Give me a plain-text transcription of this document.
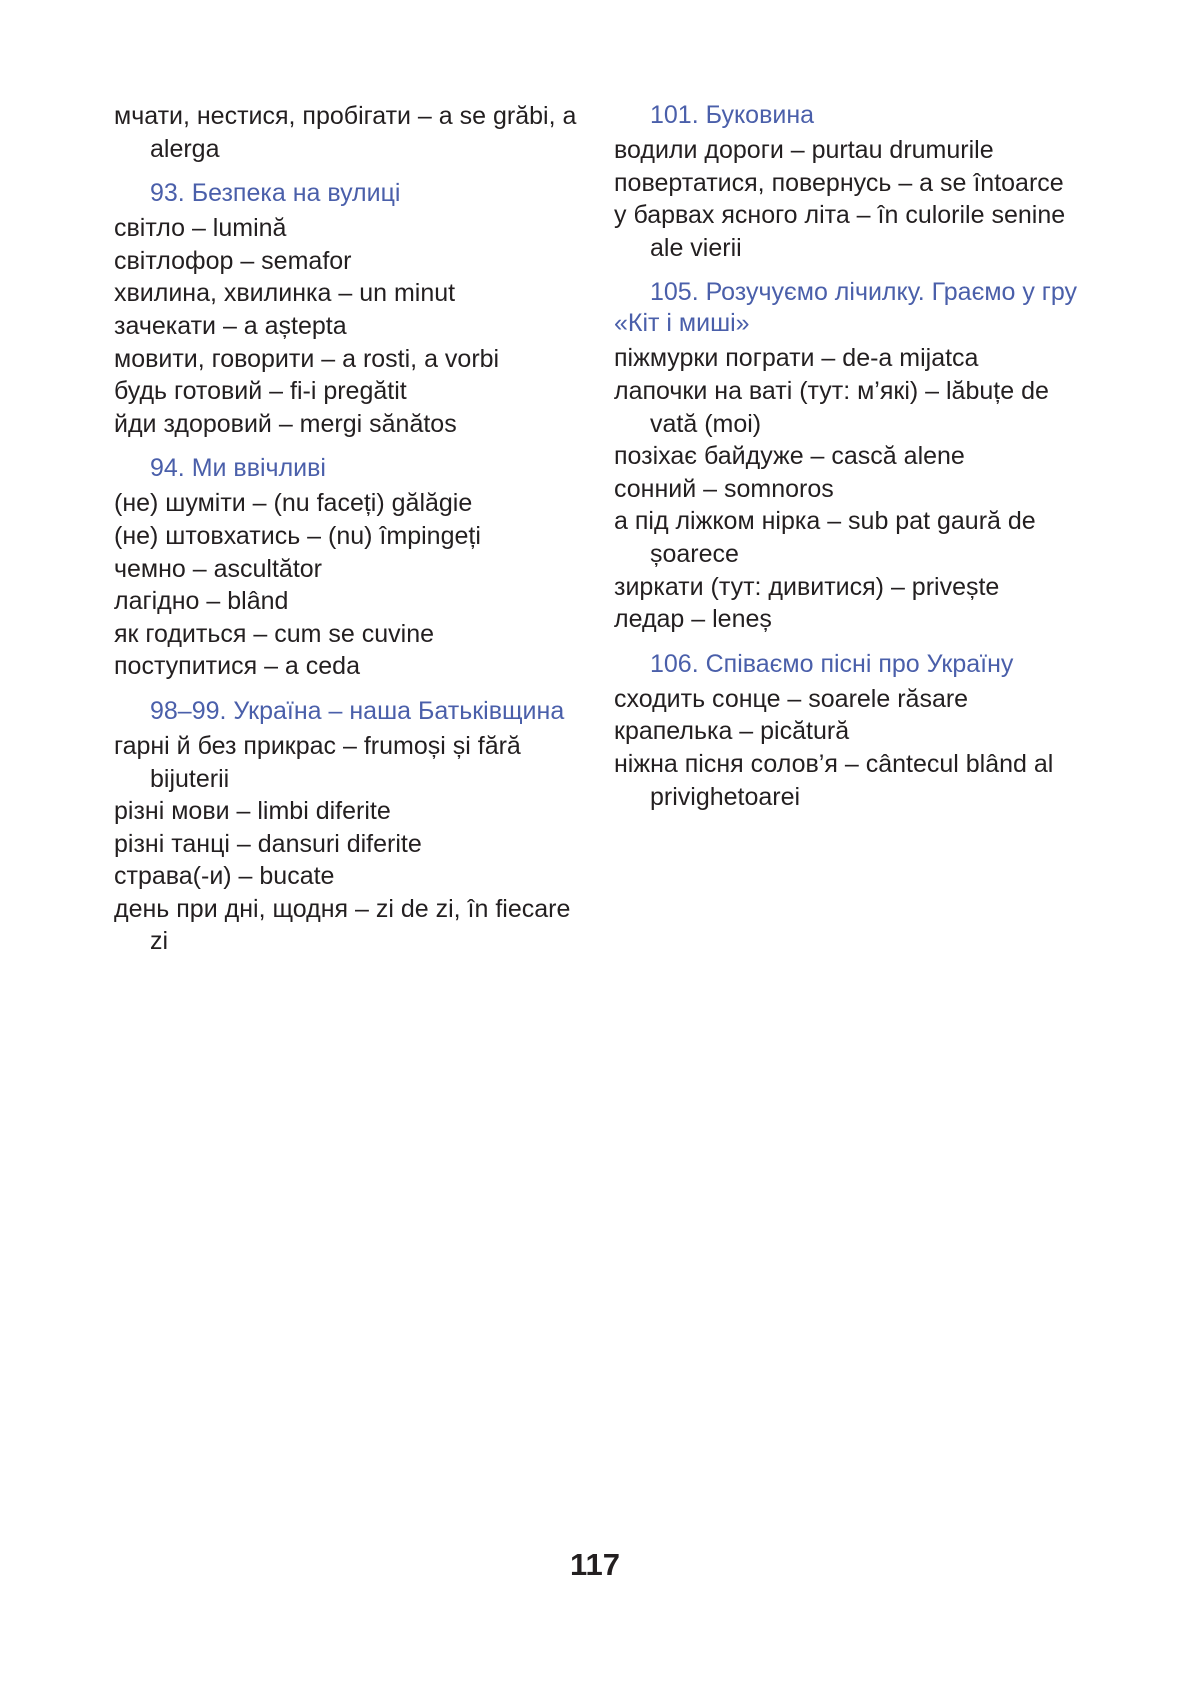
мчати, нестися, пробігати – a se grăbi, a alerga

93. Безпека на вулиці

світло – lumină

світлофор – semafor

хвилина, хвилинка – un minut

зачекати – a aștepta

мовити, говорити – a rosti, a vorbi

будь готовий – fi-i pregătit

йди здоровий – mergi sănătos

94. Ми ввічливі

(не) шуміти – (nu faceți) gălăgie

(не) штовхатись – (nu) împingeți

чемно – ascultător

лагідно – blând

як годиться – cum se cuvine

поступитися – a ceda

98–99. Україна – наша Батьківщина

гарні й без прикрас – frumoși și fără bijuterii

різні мови – limbi diferite

різні танці – dansuri diferite

страва(-и) – bucate

день при дні, щодня – zi de zi, în fiecare zi

101. Буковина

водили дороги – purtau drumurile

повертатися, повернусь – a se întoarce

у барвах ясного літа – în culorile senine ale vierii

105. Розучуємо лічилку. Граємо у гру «Кіт і миші»

піжмурки пограти – de-a mijatca

лапочки на ваті (тут: м’які) – lăbuțe de vată (moi)

позіхає байдуже – cască alene

сонний – somnoros

а під ліжком нірка – sub pat gaură de șoarece

зиркати (тут: дивитися) – privește

ледар – leneș

106. Співаємо пісні про Україну

сходить сонце – soarele răsare

крапелька – picătură

ніжна пісня солов’я – cântecul blând al privighetoarei

117
